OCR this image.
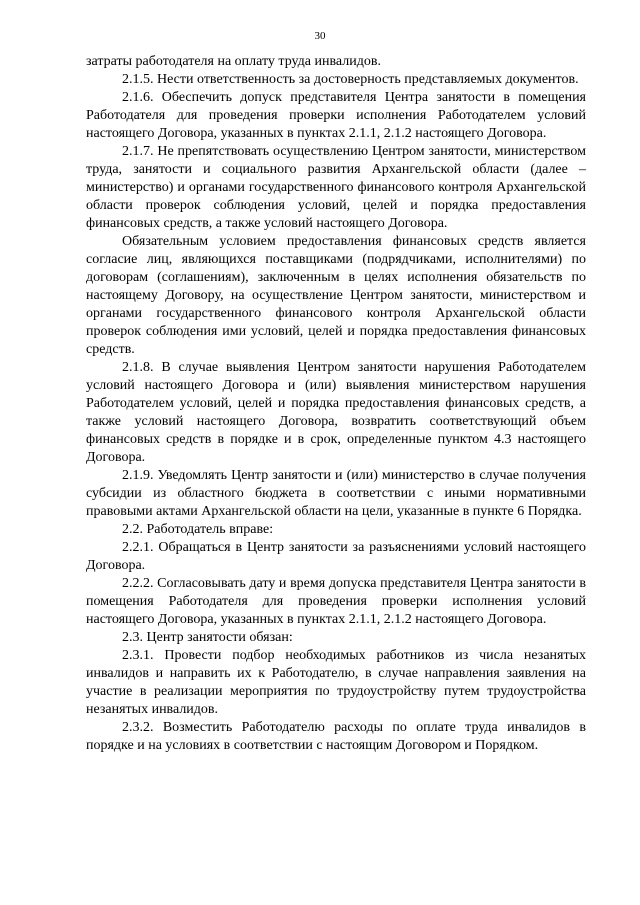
30

затраты работодателя на оплату труда инвалидов.

2.1.5. Нести ответственность за достоверность представляемых документов.

2.1.6. Обеспечить допуск представителя Центра занятости в помещения Работодателя для проведения проверки исполнения Работодателем условий настоящего Договора, указанных в пунктах 2.1.1, 2.1.2 настоящего Договора.

2.1.7. Не препятствовать осуществлению Центром занятости, министерством труда, занятости и социального развития Архангельской области (далее – министерство) и органами государственного финансового контроля Архангельской области проверок соблюдения условий, целей и порядка предоставления финансовых средств, а также условий настоящего Договора.

Обязательным условием предоставления финансовых средств является согласие лиц, являющихся поставщиками (подрядчиками, исполнителями) по договорам (соглашениям), заключенным в целях исполнения обязательств по настоящему Договору, на осуществление Центром занятости, министерством и органами государственного финансового контроля Архангельской области проверок соблюдения ими условий, целей и порядка предоставления финансовых средств.

2.1.8. В случае выявления Центром занятости нарушения Работодателем условий настоящего Договора и (или) выявления министерством нарушения Работодателем условий, целей и порядка предоставления финансовых средств, а также условий настоящего Договора, возвратить соответствующий объем финансовых средств в порядке и в срок, определенные пунктом 4.3 настоящего Договора.

2.1.9. Уведомлять Центр занятости и (или) министерство в случае получения субсидии из областного бюджета в соответствии с иными нормативными правовыми актами Архангельской области на цели, указанные в пункте 6 Порядка.

2.2. Работодатель вправе:

2.2.1. Обращаться в Центр занятости за разъяснениями условий настоящего Договора.

2.2.2. Согласовывать дату и время допуска представителя Центра занятости в помещения Работодателя для проведения проверки исполнения условий настоящего Договора, указанных в пунктах 2.1.1, 2.1.2 настоящего Договора.

2.3. Центр занятости обязан:

2.3.1. Провести подбор необходимых работников из числа незанятых инвалидов и направить их к Работодателю, в случае направления заявления на участие в реализации мероприятия по трудоустройству путем трудоустройства незанятых инвалидов.

2.3.2. Возместить Работодателю расходы по оплате труда инвалидов в порядке и на условиях в соответствии с настоящим Договором и Порядком.
